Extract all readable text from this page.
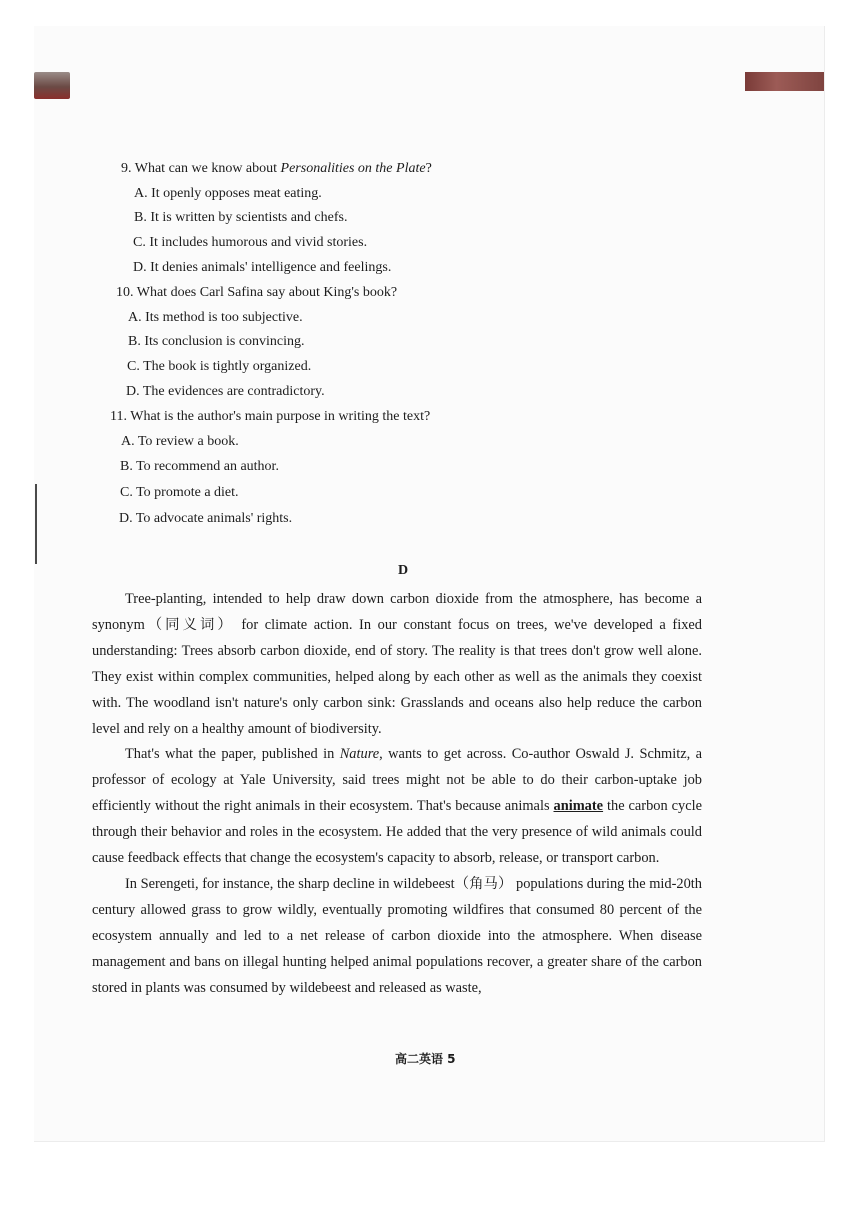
9. What can we know about Personalities on the Plate?
A. It openly opposes meat eating.
B. It is written by scientists and chefs.
C. It includes humorous and vivid stories.
D. It denies animals' intelligence and feelings.
10. What does Carl Safina say about King's book?
A. Its method is too subjective.
B. Its conclusion is convincing.
C. The book is tightly organized.
D. The evidences are contradictory.
11. What is the author's main purpose in writing the text?
A. To review a book.
B. To recommend an author.
C. To promote a diet.
D. To advocate animals' rights.
D

Tree-planting, intended to help draw down carbon dioxide from the atmosphere, has become a synonym（同义词） for climate action. In our constant focus on trees, we've developed a fixed understanding: Trees absorb carbon dioxide, end of story. The reality is that trees don't grow well alone. They exist within complex communities, helped along by each other as well as the animals they coexist with. The woodland isn't nature's only carbon sink: Grasslands and oceans also help reduce the carbon level and rely on a healthy amount of biodiversity.

That's what the paper, published in Nature, wants to get across. Co-author Oswald J. Schmitz, a professor of ecology at Yale University, said trees might not be able to do their carbon-uptake job efficiently without the right animals in their ecosystem. That's because animals animate the carbon cycle through their behavior and roles in the ecosystem. He added that the very presence of wild animals could cause feedback effects that change the ecosystem's capacity to absorb, release, or transport carbon.

In Serengeti, for instance, the sharp decline in wildebeest（角马） populations during the mid-20th century allowed grass to grow wildly, eventually promoting wildfires that consumed 80 percent of the ecosystem annually and led to a net release of carbon dioxide into the atmosphere. When disease management and bans on illegal hunting helped animal populations recover, a greater share of the carbon stored in plants was consumed by wildebeest and released as waste,

高二英语 5
